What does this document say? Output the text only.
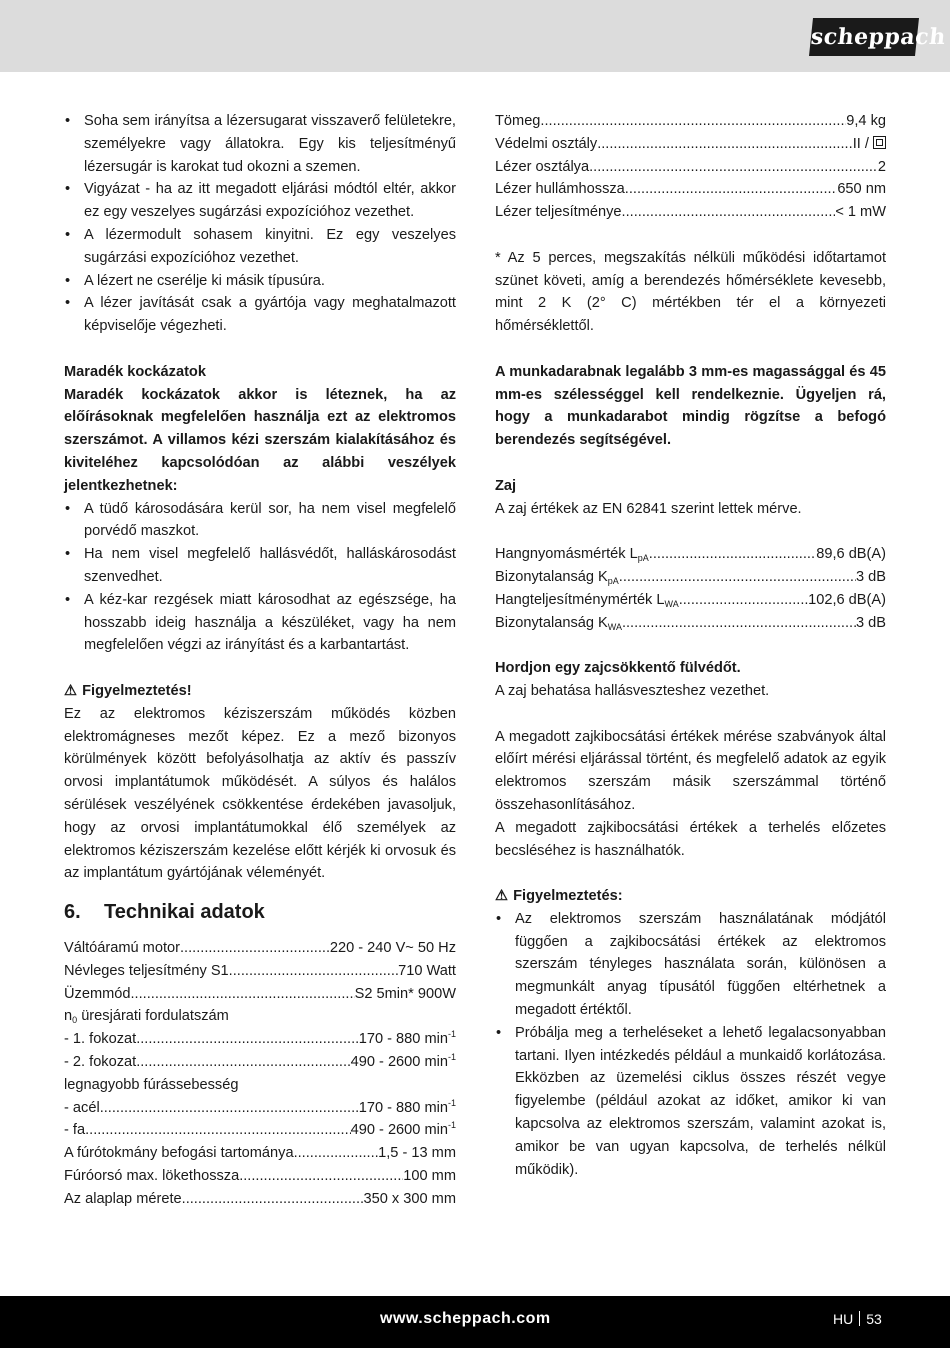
scheppach
• Soha sem irányítsa a lézersugarat visszaverő felületekre, személyekre vagy állatokra. Egy kis teljesítményű lézersugár is karokat tud okozni a szemen.
• Vigyázat - ha az itt megadott eljárási módtól eltér, akkor ez egy veszelyes sugárzási expozícióhoz vezethet.
• A lézermodult sohasem kinyitni. Ez egy veszelyes sugárzási expozícióhoz vezethet.
• A lézert ne cserélje ki másik típusúra.
• A lézer javítását csak a gyártója vagy meghatalmazott képviselője végezheti.

Maradék kockázatok

Maradék kockázatok akkor is léteznek, ha az előírásoknak megfelelően használja ezt az elektromos szerszámot. A villamos kézi szerszám kialakításához és kiviteléhez kapcsolódóan az alábbi veszélyek jelentkezhetnek:

• A tüdő károsodására kerül sor, ha nem visel megfelelő porvédő maszkot.
• Ha nem visel megfelelő hallásvédőt, halláskárosodást szenvedhet.
• A kéz-kar rezgések miatt károsodhat az egészsége, ha hosszabb ideig használja a készüléket, vagy ha nem megfelelően végzi az irányítást és a karbantartást.

⚠ Figyelmeztetés!

Ez az elektromos kéziszerszám működés közben elektromágneses mezőt képez. Ez a mező bizonyos körülmények között befolyásolhatja az aktív és passzív orvosi implantátumok működését. A súlyos és halálos sérülések veszélyének csökkentése érdekében javasoljuk, hogy az orvosi implantátumokkal élő személyek az elektromos kéziszerszám kezelése előtt kérjék ki orvosuk és az implantátum gyártójának véleményét.

6. Technikai adatok
Váltóáramú motor .....	220 - 240 V~ 50 Hz
Névleges teljesítmény S1 .....	710 Watt
Üzemmód .....	S2 5min* 900W
$n_0$ üresjárati fordulatszám
- 1. fokozat .....	170 - 880 $\min^{-1}$
- 2. fokozat .....	490 - 2600 $\min^{-1}$
legnagyobb fúrássebesség
- acél .....	170 - 880 $\min^{-1}$
- fa .....	490 - 2600 $\min^{-1}$
A fúrótokmány befogási tartománya .....	1,5 - 13 mm
Fúróorsó max. lökethossza .....	100 mm
Az alaplap mérete .....	350 x 300 mm
Tömeg .....	9,4 kg
Védelmi osztály .....	II /
Lézer osztálya .....	2
Lézer hullámhossza .....	650 nm
Lézer teljesítménye .....	< 1 mW

* Az 5 perces, megszakítás nélküli működési időtartamot szünet követi, amíg a berendezés hőmérséklete kevesebb, mint 2 K (2° C) mértékben tér el a környezeti hőmérséklettől.

A munkadarabnak legalább 3 mm-es magassággal és 45 mm-es szélességgel kell rendelkeznie. Ügyeljen rá, hogy a munkadarabot mindig rögzítse a befogó berendezés segítségével.

Zaj

A zaj értékek az EN 62841 szerint lettek mérve.

Hangnyomásmérték $L_{pA}$ .....	89,6 dB(A)
Bizonytalanság $K_{pA}$ .....	3 dB
Hangteljesítménymérték $L_{WA}$ .....	102,6 dB(A)
Bizonytalanság $K_{WA}$ .....	3 dB

Hordjon egy zajcsökkentő fülvédőt.

A zaj behatása hallásveszteshez vezethet.

A megadott zajkibocsátási értékek mérése szabványok által előírt mérési eljárással történt, és megfelelő adatok az egyik elektromos szerszám másik szerszámmal történő összehasonlításához.

A megadott zajkibocsátási értékek a terhelés előzetes becsléséhez is használhatók.

⚠ Figyelmeztetés:

• Az elektromos szerszám használatának módjától függően a zajkibocsátási értékek az elektromos szerszám tényleges használata során, különösen a megmunkált anyag típusától függően eltérhetnek a megadott értéktől.
• Próbálja meg a terheléseket a lehető legalacsonyabban tartani. Ilyen intézkedés például a munkaidő korlátozása. Ekközben az üzemelési ciklus összes részét vegye figyelembe (például azokat az időket, amikor ki van kapcsolva az elektromos szerszám, valamint azokat is, amikor be van ugyan kapcsolva, de terhelés nélkül működik).
www.scheppach.com	HU 53
